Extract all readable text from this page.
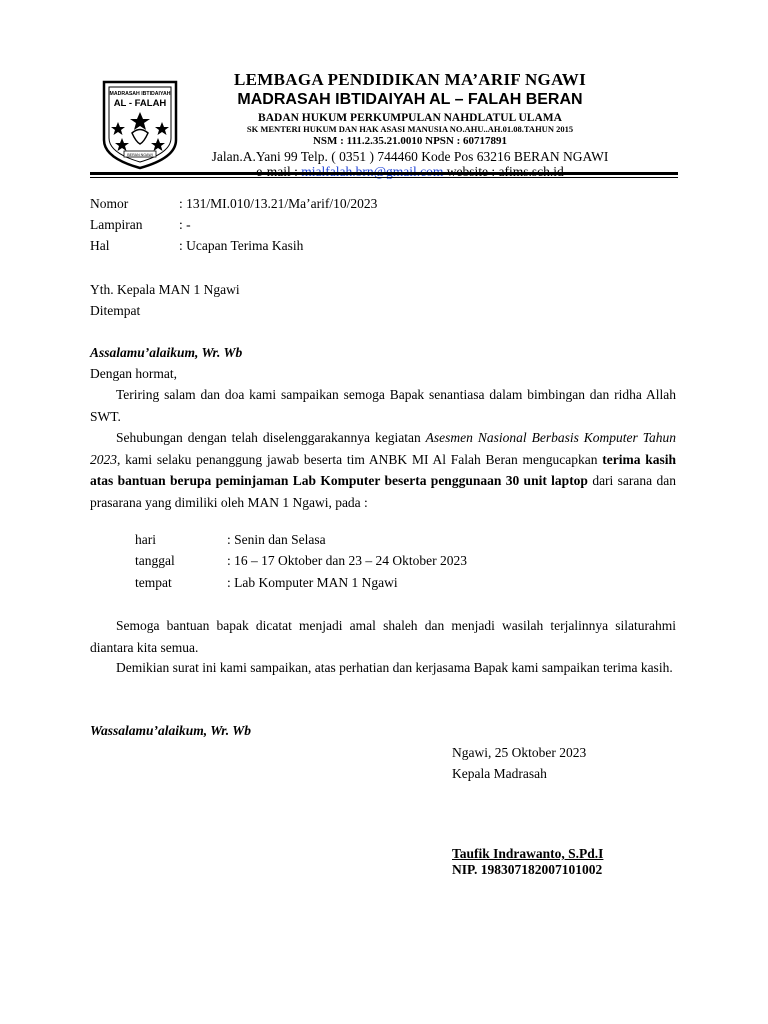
MADRASAH IBTIDAIYAH
AL - FALAH
BERAN NGAWI
LEMBAGA PENDIDIKAN MA’ARIF NGAWI
MADRASAH IBTIDAIYAH AL – FALAH BERAN
BADAN HUKUM PERKUMPULAN NAHDLATUL ULAMA
SK MENTERI HUKUM DAN HAK ASASI MANUSIA NO.AHU..AH.01.08.TAHUN 2015
NSM : 111.2.35.21.0010 NPSN : 60717891
Jalan.A.Yani 99 Telp. ( 0351 ) 744460 Kode Pos 63216 BERAN NGAWI
Nomor	: 131/MI.010/13.21/Ma’arif/10/2023
Lampiran	: -
Hal	: Ucapan Terima Kasih
Yth. Kepala MAN 1 Ngawi
Ditempat
Assalamu’alaikum, Wr. Wb
Dengan hormat,
Teriring salam dan doa kami sampaikan semoga Bapak senantiasa dalam bimbingan dan ridha Allah SWT.
Sehubungan dengan telah diselenggarakannya kegiatan Asesmen Nasional Berbasis Komputer Tahun 2023, kami selaku penanggung jawab beserta tim ANBK MI Al Falah Beran mengucapkan terima kasih atas bantuan berupa peminjaman Lab Komputer beserta penggunaan 30 unit laptop dari sarana dan prasarana yang dimiliki oleh MAN 1 Ngawi, pada :
hari	: Senin dan Selasa
tanggal	: 16 – 17 Oktober dan 23 – 24 Oktober 2023
tempat	: Lab Komputer MAN 1 Ngawi
Semoga bantuan bapak dicatat menjadi amal shaleh dan menjadi wasilah terjalinnya silaturahmi diantara kita semua.
Demikian surat ini kami sampaikan, atas perhatian dan kerjasama Bapak kami sampaikan terima kasih.
Wassalamu’alaikum, Wr. Wb
Ngawi, 25 Oktober 2023
Kepala Madrasah
Taufik Indrawanto, S.Pd.I
NIP. 198307182007101002
